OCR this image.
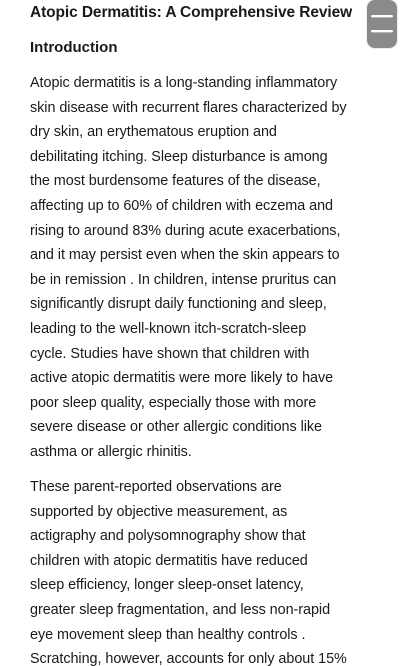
Atopic Dermatitis: A Comprehensive Review
Introduction

Atopic dermatitis is a long-standing inflammatory
skin disease with recurrent flares characterized by
dry skin, an erythematous eruption and
debilitating itching. Sleep disturbance is among
the most burdensome features of the disease,
affecting up to 60% of children with eczema and
rising to around 83% during acute exacerbations,
and it may persist even when the skin appears to
be in remission . In children, intense pruritus can
significantly disrupt daily functioning and sleep,
leading to the well-known itch-scratch-sleep
cycle. Studies have shown that children with
active atopic dermatitis were more likely to have
poor sleep quality, especially those with more
severe disease or other allergic conditions like
asthma or allergic rhinitis.

These parent-reported observations are
supported by objective measurement, as
actigraphy and polysomnography show that
children with atopic dermatitis have reduced
sleep efficiency, longer sleep-onset latency,
greater sleep fragmentation, and less non-rapid
eye movement sleep than healthy controls .
Scratching, however, accounts for only about 15%
